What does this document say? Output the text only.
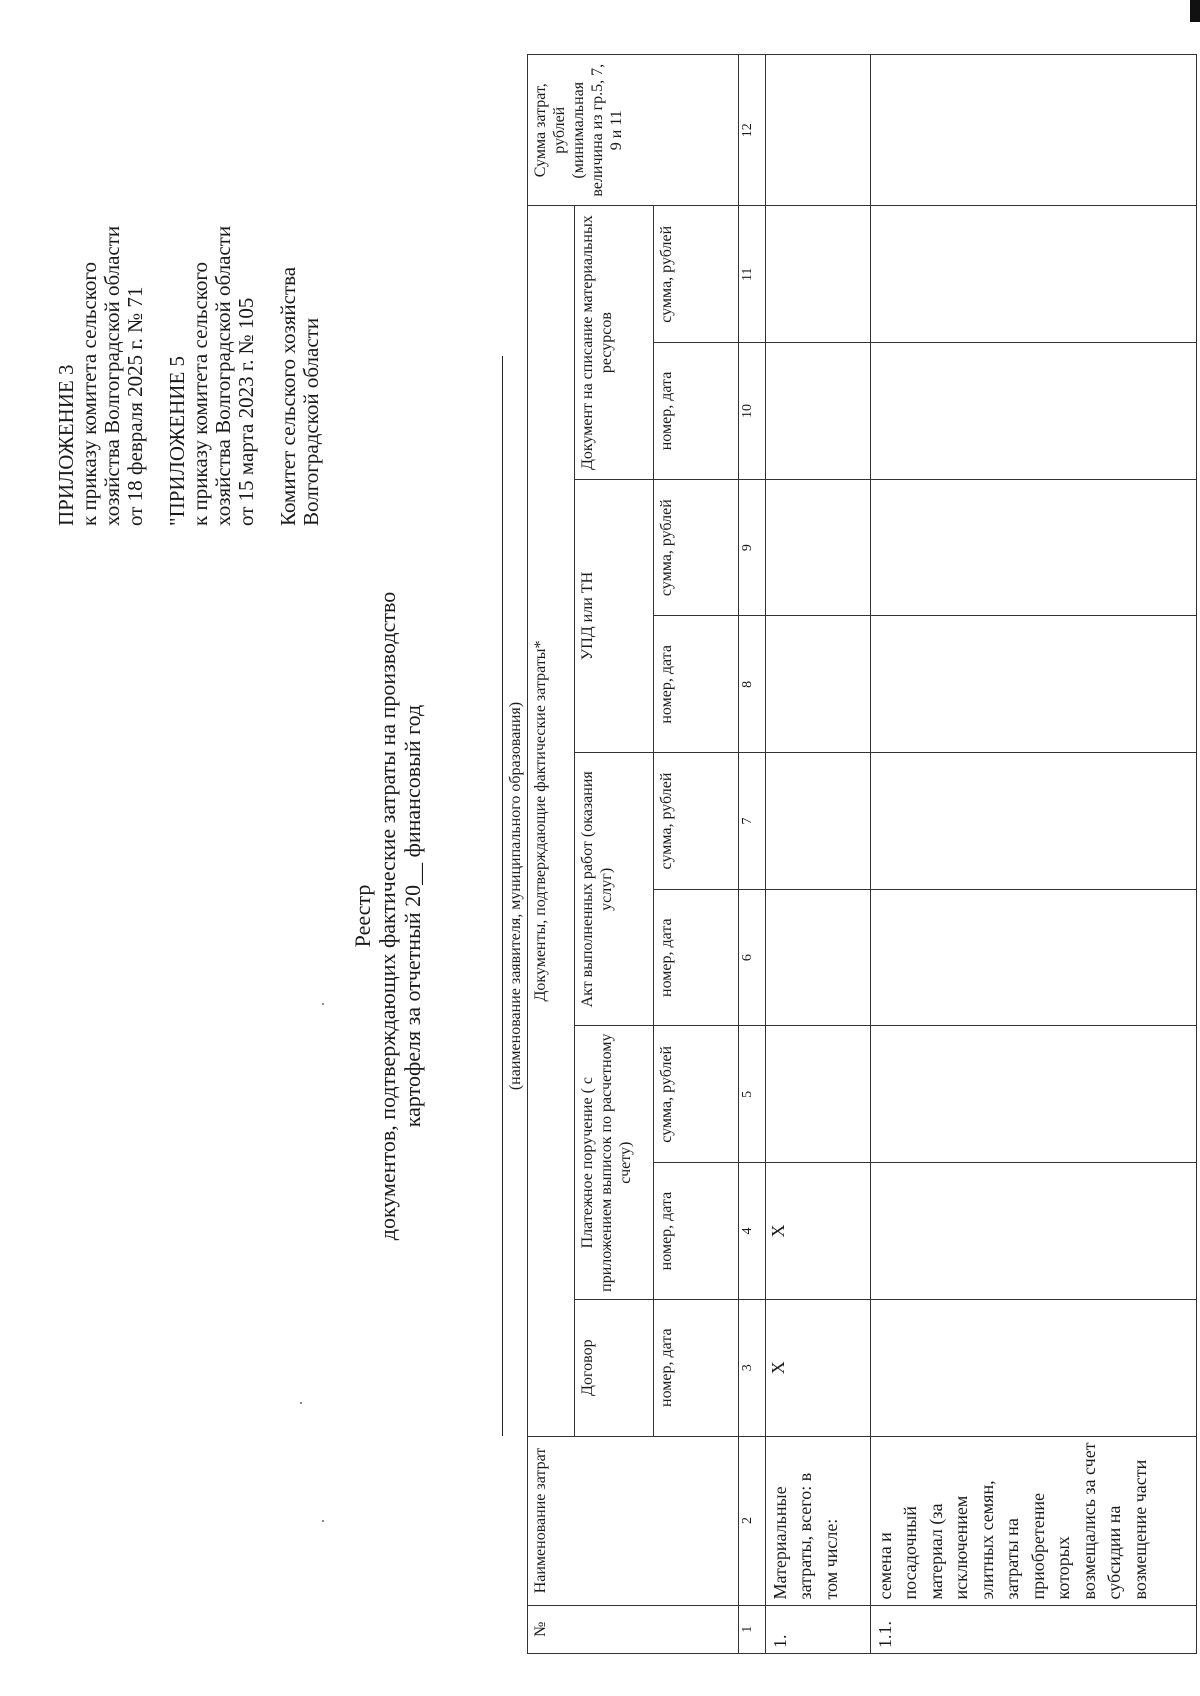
ПРИЛОЖЕНИЕ 3 к приказу комитета сельского хозяйства Волгоградской области от 18 февраля 2025 г. № 71 "ПРИЛОЖЕНИЕ 5 к приказу комитета сельского хозяйства Волгоградской области от 15 марта 2023 г. № 105 Комитет сельского хозяйства Волгоградской области

Реестр документов, подтверждающих фактические затраты на производство картофеля за отчетный 20__ финансовый год	(наименование заявителя, муниципального образования)
№	Наименование затрат	Документы, подтверждающие фактические затраты*									Сумма затрат, рублей (минимальная величина из гр.5, 7, 9 и 11
		Договор	Платежное поручение ( с приложением выписок по расчетному счету)		Акт выполненных работ (оказания услуг)		УПД или ТН		Документ на списание материальных ресурсов		
		номер, дата	номер, дата	сумма, рублей	номер, дата	сумма, рублей	номер, дата	сумма, рублей	номер, дата	сумма, рублей	
1	2	3	4	5	6	7	8	9	10	11	12
1.	Материальные затраты, всего: в том числе:	X	X								
1.1.	семена и посадочный материал (за исключением элитных семян, затраты на приобретение которых возмещались за счет субсидии на возмещение части										
